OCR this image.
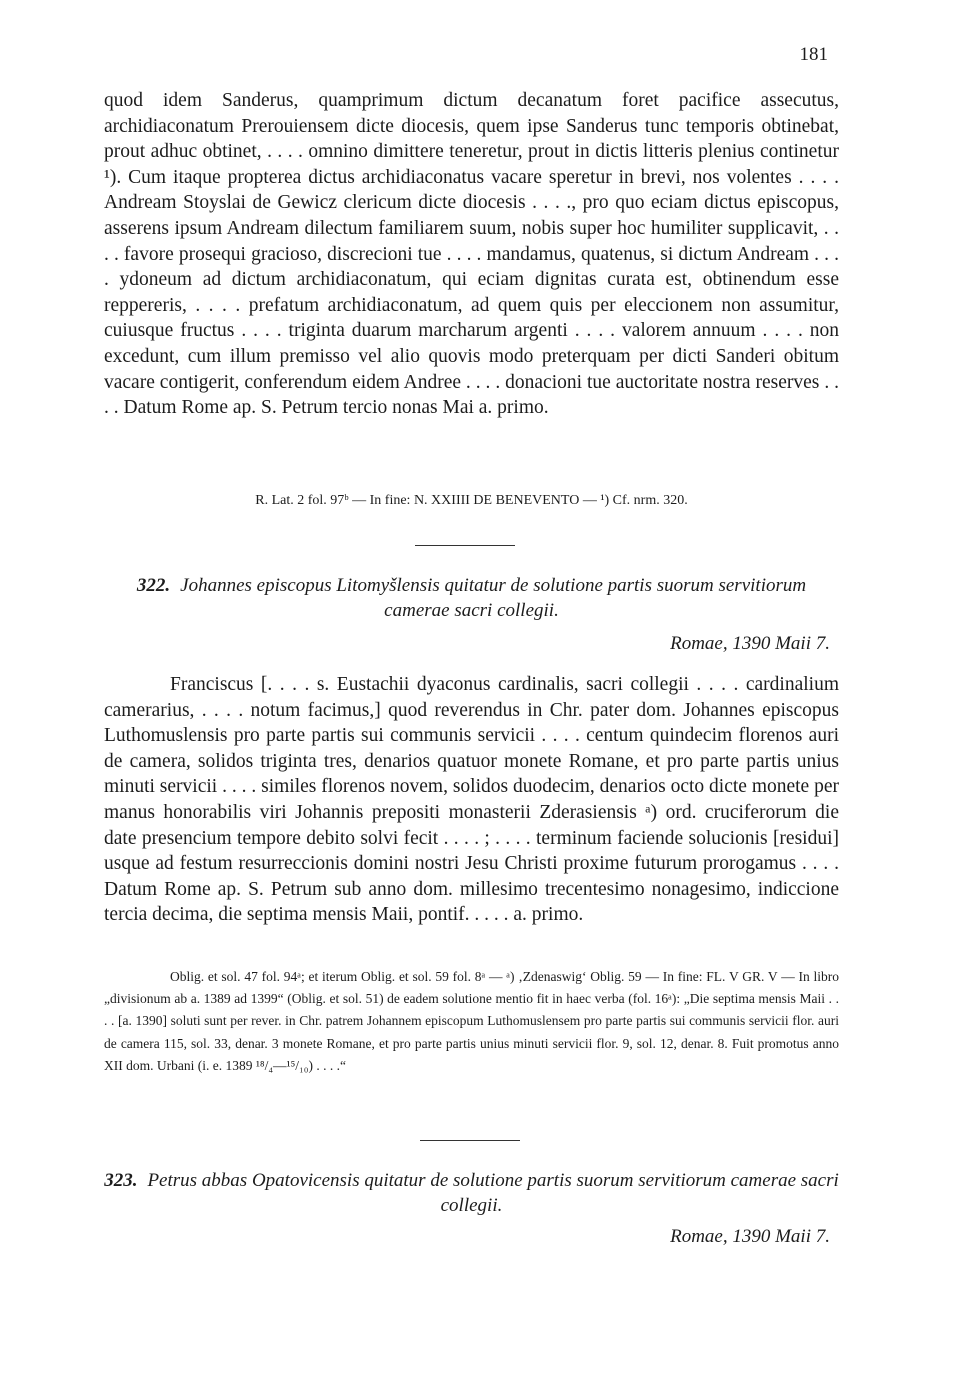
181

quod idem Sanderus, quamprimum dictum decanatum foret pacifice assecutus, archidiaconatum Prerouiensem dicte diocesis, quem ipse Sanderus tunc temporis obtinebat, prout adhuc obtinet, . . . . omnino dimittere teneretur, prout in dictis litteris plenius continetur ¹). Cum itaque propterea dictus archidiaconatus vacare speretur in brevi, nos volentes . . . . Andream Stoyslai de Gewicz clericum dicte diocesis . . . ., pro quo eciam dictus episcopus, asserens ipsum Andream dilectum familiarem suum, nobis super hoc humiliter supplicavit, . . . . favore prosequi gracioso, discrecioni tue . . . . mandamus, quatenus, si dictum Andream . . . . ydoneum ad dictum archidiaconatum, qui eciam dignitas curata est, obtinendum esse reppereris, . . . . prefatum archidiaconatum, ad quem quis per eleccionem non assumitur, cuiusque fructus . . . . triginta duarum marcharum argenti . . . . valorem annuum . . . . non excedunt, cum illum premisso vel alio quovis modo preterquam per dicti Sanderi obitum vacare contigerit, conferendum eidem Andree . . . . donacioni tue auctoritate nostra reserves . . . . Datum Rome ap. S. Petrum tercio nonas Mai a. primo.

R. Lat. 2 fol. 97ᵇ — In fine: N. XXIIII DE BENEVENTO — ¹) Cf. nrm. 320.
322. Johannes episcopus Litomyšlensis quitatur de solutione partis suorum servitiorum camerae sacri collegii.
Romae, 1390 Maii 7.

Franciscus [. . . . s. Eustachii dyaconus cardinalis, sacri collegii . . . . cardinalium camerarius, . . . . notum facimus,] quod reverendus in Chr. pater dom. Johannes episcopus Luthomuslensis pro parte partis sui communis servicii . . . . centum quindecim florenos auri de camera, solidos triginta tres, denarios quatuor monete Romane, et pro parte partis unius minuti servicii . . . . similes florenos novem, solidos duodecim, denarios octo dicte monete per manus honorabilis viri Johannis prepositi monasterii Zderasiensis ᵃ) ord. cruciferorum die date presencium tempore debito solvi fecit . . . . ; . . . . terminum faciende solucionis [residui] usque ad festum resurreccionis domini nostri Jesu Christi proxime futurum prorogamus . . . . Datum Rome ap. S. Petrum sub anno dom. millesimo trecentesimo nonagesimo, indiccione tercia decima, die septima mensis Maii, pontif. . . . . a. primo.

Oblig. et sol. 47 fol. 94ᵃ; et iterum Oblig. et sol. 59 fol. 8ᵃ — ᵃ) ‚Zdenaswig‘ Oblig. 59 — In fine: FL. V GR. V — In libro „divisionum ab a. 1389 ad 1399“ (Oblig. et sol. 51) de eadem solutione mentio fit in haec verba (fol. 16ᵃ): „Die septima mensis Maii . . . . [a. 1390] soluti sunt per rever. in Chr. patrem Johannem episcopum Luthomuslensem pro parte partis sui communis servicii flor. auri de camera 115, sol. 33, denar. 3 monete Romane, et pro parte partis unius minuti servicii flor. 9, sol. 12, denar. 8. Fuit promotus anno XII dom. Urbani (i. e. 1389 ¹⁸/₄—¹⁵/₁₀) . . . .“

323. Petrus abbas Opatovicensis quitatur de solutione partis suorum servitiorum camerae sacri collegii.
Romae, 1390 Maii 7.
